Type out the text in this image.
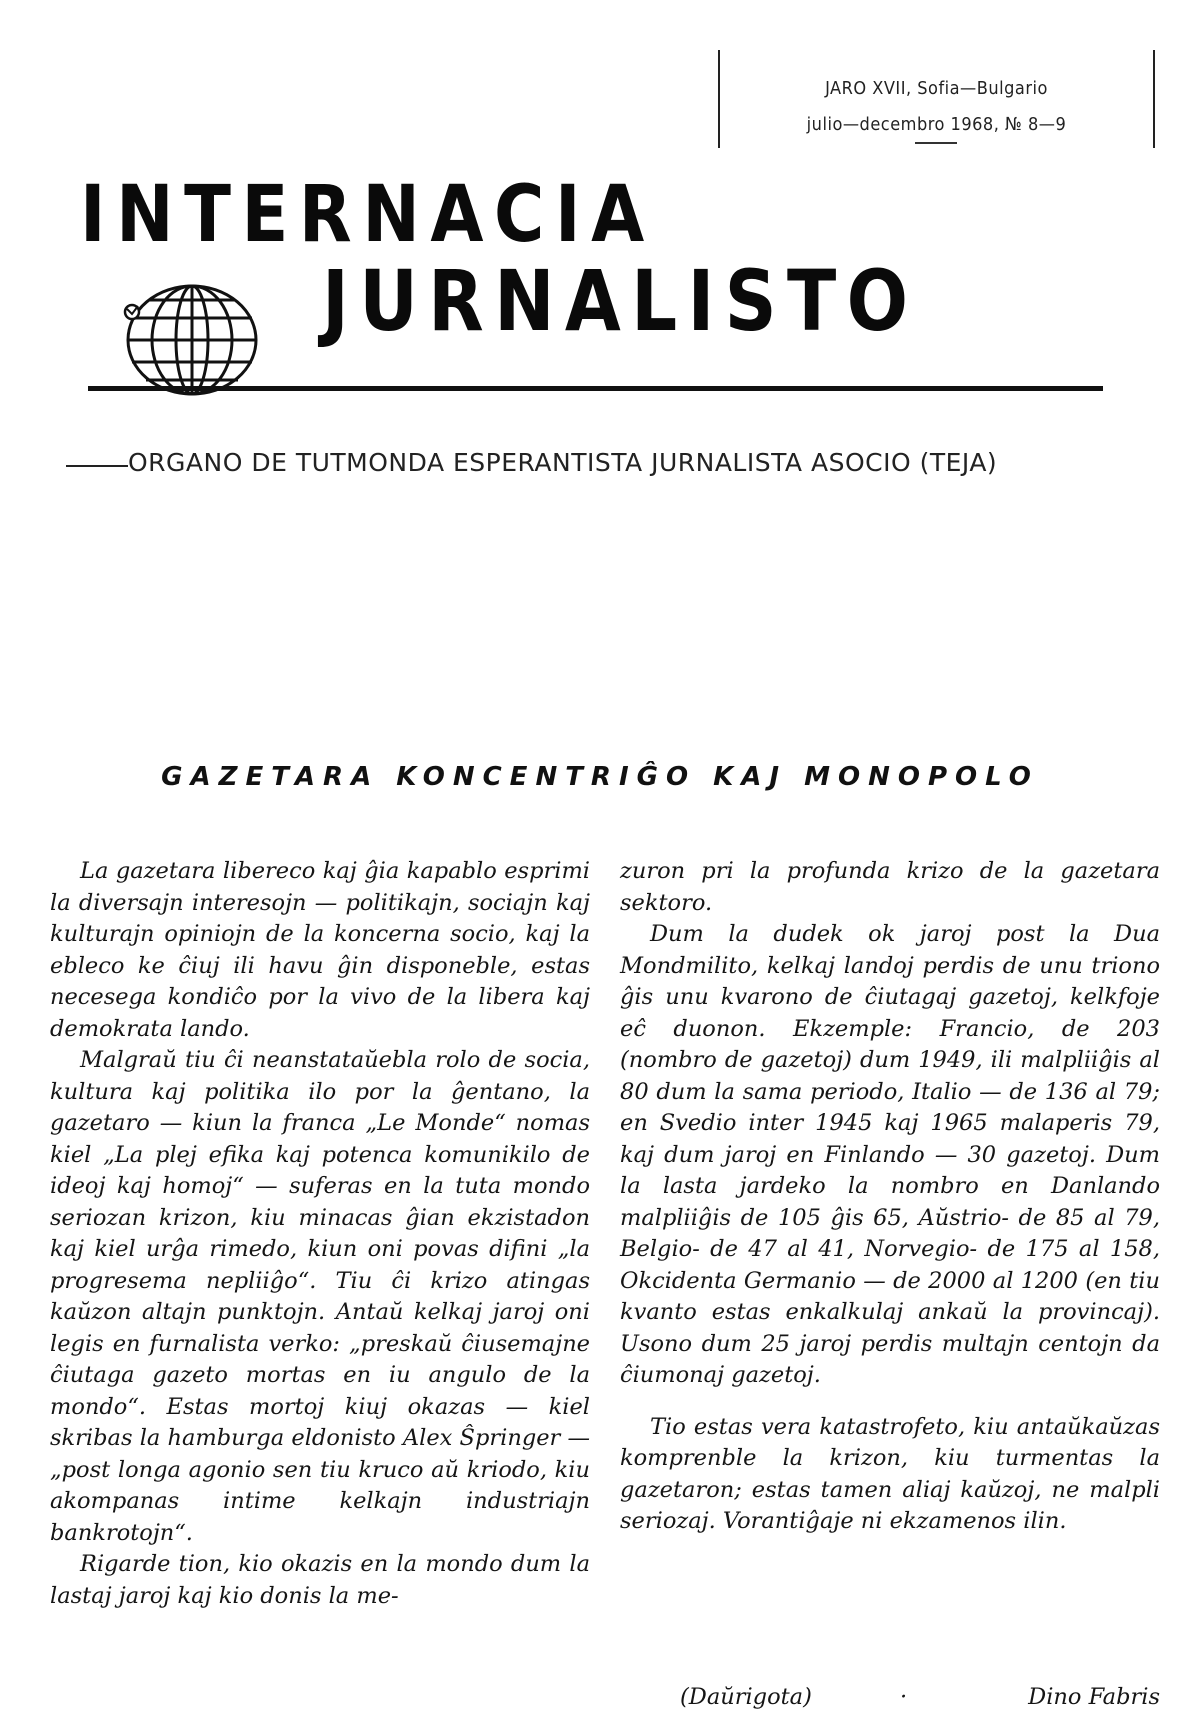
JARO XVII, Sofia—Bulgario
julio—decembro 1968, № 8—9
INTERNACIA
JURNALISTO
ORGANO DE TUTMONDA ESPERANTISTA JURNALISTA ASOCIO (TEJA)
GAZETARA KONCENTRIĜO KAJ MONOPOLO

La gazetara libereco kaj ĝia kapablo esprimi la diversajn interesojn — politikajn, sociajn kaj kulturajn opiniojn de la koncerna socio, kaj la ebleco ke ĉiuj ili havu ĝin disponeble, estas necesega kondiĉo por la vivo de la libera kaj demokrata lando.

Malgraŭ tiu ĉi neanstataŭebla rolo de socia, kultura kaj politika ilo por la ĝentano, la gazetaro — kiun la franca „Le Monde“ nomas kiel „La plej efika kaj potenca komunikilo de ideoj kaj homoj“ — suferas en la tuta mondo seriozan krizon, kiu minacas ĝian ekzistadon kaj kiel urĝa rimedo, kiun oni povas difini „la progresema nepliiĝo“. Tiu ĉi krizo atingas kaŭzon altajn punktojn. Antaŭ kelkaj jaroj oni legis en furnalista verko: „preskaŭ ĉiusemajne ĉiutaga gazeto mortas en iu angulo de la mondo“. Estas mortoj kiuj okazas — kiel skribas la hamburga eldonisto Alex Ŝpringer — „post longa agonio sen tiu kruco aŭ kriodo, kiu akompanas intime kelkajn industriajn bankrotojn“.

Rigarde tion, kio okazis en la mondo dum la lastaj jaroj kaj kio donis la me-

zuron pri la profunda krizo de la gazetara sektoro.

Dum la dudek ok jaroj post la Dua Mondmilito, kelkaj landoj perdis de unu triono ĝis unu kvarono de ĉiutagaj gazetoj, kelkfoje eĉ duonon. Ekzemple: Francio, de 203 (nombro de gazetoj) dum 1949, ili malpliiĝis al 80 dum la sama periodo, Italio — de 136 al 79; en Svedio inter 1945 kaj 1965 malaperis 79, kaj dum jaroj en Finlando — 30 gazetoj. Dum la lasta jardeko la nombro en Danlando malpliiĝis de 105 ĝis 65, Aŭstrio- de 85 al 79, Belgio- de 47 al 41, Norvegio- de 175 al 158, Okcidenta Germanio — de 2000 al 1200 (en tiu kvanto estas enkalkulaj ankaŭ la provincaj). Usono dum 25 jaroj perdis multajn centojn da ĉiumonaj gazetoj.

Tio estas vera katastrofeto, kiu antaŭkaŭzas komprenble la krizon, kiu turmentas la gazetaron; estas tamen aliaj kaŭzoj, ne malpli seriozaj. Vorantiĝaje ni ekzamenos ilin.

(Daŭrigota)	·	Dino Fabris
